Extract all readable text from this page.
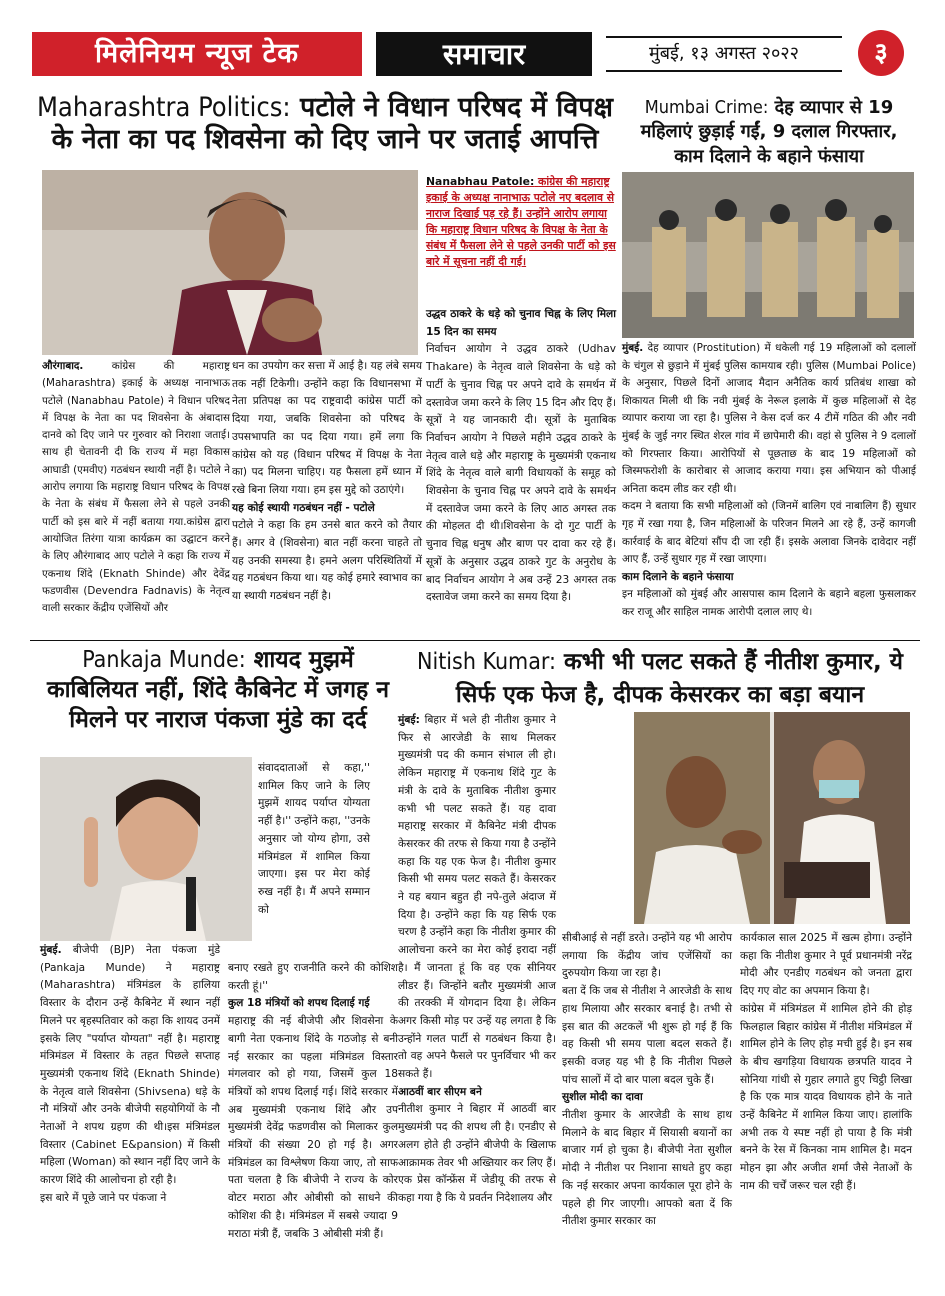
मिलेनियम न्यूज टेक	समाचार	मुंबई, १३ अगस्त २०२२	३
Maharashtra Politics: पटोले ने विधान परिषद में विपक्ष के नेता का पद शिवसेना को दिए जाने पर जताई आपत्ति
Nanabhau Patole: कांग्रेस की महाराष्ट्र इकाई के अध्यक्ष नानाभाऊ पटोले नए बदलाव से नाराज दिखाई पड़ रहे हैं। उन्होंने आरोप लगाया कि महाराष्ट्र विधान परिषद के विपक्ष के नेता के संबंध में फैसला लेने से पहले उनकी पार्टी को इस बारे में सूचना नहीं दी गई।
औरंगाबाद.	कांग्रेस की महाराष्ट्र (Maharashtra) इकाई के अध्यक्ष नानाभाऊ पटोले (Nanabhau Patole) ने विधान परिषद में विपक्ष के नेता का पद शिवसेना के अंबादास दानवे को दिए जाने पर गुरुवार को निराशा जताई। साथ ही चेतावनी दी कि राज्य में महा विकास आघाडी (एमवीए) गठबंधन स्थायी नहीं है। पटोले ने आरोप लगाया कि महाराष्ट्र विधान परिषद के विपक्ष के नेता के संबंध में फैसला लेने से पहले उनकी पार्टी को इस बारे में नहीं बताया गया.कांग्रेस द्वारा आयोजित तिरंगा यात्रा कार्यक्रम का उद्घाटन करने के लिए औरंगाबाद आए पटोले ने कहा कि राज्य में एकनाथ शिंदे (Eknath Shinde) और देवेंद्र फडणवीस (Devendra Fadnavis) के नेतृत्व वाली सरकार केंद्रीय एजेंसियों और

धन का उपयोग कर सत्ता में आई है। यह लंबे समय तक नहीं टिकेगी। उन्होंने कहा कि विधानसभा में नेता प्रतिपक्ष का पद राष्ट्रवादी कांग्रेस पार्टी को दिया गया, जबकि शिवसेना को परिषद के उपसभापति का पद दिया गया। हमें लगा कि कांग्रेस को यह (विधान परिषद में विपक्ष के नेता का) पद मिलना चाहिए। यह फैसला हमें ध्यान में रखे बिना लिया गया। हम इस मुद्दे को उठाएंगे।

यह कोई स्थायी गठबंधन नहीं - पटोले

पटोले ने कहा कि हम उनसे बात करने को तैयार हैं। अगर वे (शिवसेना) बात नहीं करना चाहते तो यह उनकी समस्या है। हमने अलग परिस्थितियों में यह गठबंधन किया था। यह कोई हमारे स्वाभाव का या स्थायी गठबंधन नहीं है।

उद्धव ठाकरे के धड़े को चुनाव चिह्न के लिए मिला 15 दिन का समय

निर्वाचन आयोग ने उद्धव ठाकरे (Udhav Thakare) के नेतृत्व वाले शिवसेना के धड़े को पार्टी के चुनाव चिह्न पर अपने दावे के समर्थन में दस्तावेज जमा करने के लिए 15 दिन और दिए हैं। सूत्रों ने यह जानकारी दी। सूत्रों के मुताबिक निर्वाचन आयोग ने पिछले महीने उद्धव ठाकरे के नेतृत्व वाले धड़े और महाराष्ट्र के मुख्यमंत्री एकनाथ शिंदे के नेतृत्व वाले बागी विधायकों के समूह को शिवसेना के चुनाव चिह्न पर अपने दावे के समर्थन में दस्तावेज जमा करने के लिए आठ अगस्त तक की मोहलत दी थी।शिवसेना के दो गुट पार्टी के चुनाव चिह्न धनुष और बाण पर दावा कर रहे हैं। सूत्रों के अनुसार उद्धव ठाकरे गुट के अनुरोध के बाद निर्वाचन आयोग ने अब उन्हें 23 अगस्त तक दस्तावेज जमा करने का समय दिया है।

Mumbai Crime: देह व्यापार से 19 महिलाएं छुड़ाई गईं, 9 दलाल गिरफ्तार, काम दिलाने के बहाने फंसाया

मुंबई. देह व्यापार (Prostitution) में धकेली गई 19 महिलाओं को दलालों के चंगुल से छुड़ाने में मुंबई पुलिस कामयाब रही। पुलिस (Mumbai Police) के अनुसार, पिछले दिनों आजाद मैदान अनैतिक कार्य प्रतिबंध शाखा को शिकायत मिली थी कि नवी मुंबई के नेरूल इलाके में कुछ महिलाओं से देह व्यापार कराया जा रहा है। पुलिस ने केस दर्ज कर 4 टीमें गठित की और नवी मुंबई के जुई नगर स्थित शेरल गांव में छापेमारी की। वहां से पुलिस ने 9 दलालों को गिरफ्तार किया। आरोपियों से पूछताछ के बाद 19 महिलाओं को जिस्मफरोशी के कारोबार से आजाद कराया गया। इस अभियान को पीआई अनिता कदम लीड कर रही थी।

कदम ने बताया कि सभी महिलाओं को (जिनमें बालिग एवं नाबालिग हैं) सुधार गृह में रखा गया है, जिन महिलाओं के परिजन मिलने आ रहे हैं, उन्हें कागजी कार्रवाई के बाद बेटियां सौंप दी जा रही हैं। इसके अलावा जिनके दावेदार नहीं आए हैं, उन्हें सुधार गृह में रखा जाएगा।

काम दिलाने के बहाने फंसाया

इन महिलाओं को मुंबई और आसपास काम दिलाने के बहाने बहला फुसलाकर कर राजू और साहिल नामक आरोपी दलाल लाए थे।

Pankaja Munde: शायद मुझमें काबिलियत नहीं, शिंदे कैबिनेट में जगह न मिलने पर नाराज पंकजा मुंडे का दर्द
संवाददाताओं से कहा,'' शामिल किए जाने के लिए मुझमें शायद पर्याप्त योग्यता नहीं है।'' उन्होंने कहा, ''उनके अनुसार जो योग्य होगा, उसे मंत्रिमंडल में शामिल किया जाएगा। इस पर मेरा कोई रुख नहीं है। मैं अपने सम्मान को

मुंबई. बीजेपी (BJP) नेता पंकजा मुंडे (Pankaja Munde) ने महाराष्ट्र (Maharashtra) मंत्रिमंडल के हालिया विस्तार के दौरान उन्हें कैबिनेट में स्थान नहीं मिलने पर बृहस्पतिवार को कहा कि शायद उनमें इसके लिए "पर्याप्त योग्यता" नहीं है। महाराष्ट्र मंत्रिमंडल में विस्तार के तहत पिछले सप्ताह मुख्यमंत्री एकनाथ शिंदे (Eknath Shinde) के नेतृत्व वाले शिवसेना (Shivsena) धड़े के नौ मंत्रियों और उनके बीजेपी सहयोगियों के नौ नेताओं ने शपथ ग्रहण की थी।इस मंत्रिमंडल विस्तार (Cabinet E&pansion) में किसी महिला (Woman) को स्थान नहीं दिए जाने के कारण शिंदे की आलोचना हो रही है।

इस बारे में पूछे जाने पर पंकजा ने

बनाए रखते हुए राजनीति करने की कोशिश करती हूं।''

कुल 18 मंत्रियों को शपथ दिलाई गई

महाराष्ट्र की नई बीजेपी और शिवसेना के बागी नेता एकनाथ शिंदे के गठजोड़ से बनी नई सरकार का पहला मंत्रिमंडल विस्तार मंगलवार को हो गया, जिसमें कुल 18 मंत्रियों को शपथ दिलाई गई। शिंदे सरकार में अब मुख्यमंत्री एकनाथ शिंदे और उप मुख्यमंत्री देवेंद्र फडणवीस को मिलाकर कुल मंत्रियों की संख्या 20 हो गई है। अगर मंत्रिमंडल का विश्लेषण किया जाए, तो साफ पता चलता है कि बीजेपी ने राज्य के कोर वोटर मराठा और ओबीसी को साधने की कोशिश की है। मंत्रिमंडल में सबसे ज्यादा 9 मराठा मंत्री हैं, जबकि 3 ओबीसी मंत्री हैं।

Nitish Kumar: कभी भी पलट सकते हैं नीतीश कुमार, ये सिर्फ एक फेज है, दीपक केसरकर का बड़ा बयान

मुंबई: बिहार में भले ही नीतीश कुमार ने फिर से आरजेडी के साथ मिलकर मुख्यमंत्री पद की कमान संभाल ली हो। लेकिन महाराष्ट्र में एकनाथ शिंदे गुट के मंत्री के दावे के मुताबिक नीतीश कुमार कभी भी पलट सकते हैं। यह दावा महाराष्ट्र सरकार में कैबिनेट मंत्री दीपक केसरकर की तरफ से किया गया है उन्होंने कहा कि यह एक फेज है। नीतीश कुमार किसी भी समय पलट सकते हैं। केसरकर ने यह बयान बहुत ही नपे-तुले अंदाज में दिया है। उन्होंने कहा कि यह सिर्फ एक चरण है उन्होंने कहा कि नीतीश कुमार की आलोचना करने का मेरा कोई इरादा नहीं है। मैं जानता हूं कि वह एक सीनियर लीडर हैं। जिन्होंने बतौर मुख्यमंत्री आज की तरक्की में योगदान दिया है। लेकिन अगर किसी मोड़ पर उन्हें यह लगता है कि उन्होंने गलत पार्टी से गठबंधन किया है। तो वह अपने फैसले पर पुनर्विचार भी कर सकते हैं।

आठवीं बार सीएम बने

नीतीश कुमार ने बिहार में आठवीं बार मुख्यमंत्री पद की शपथ ली है। एनडीए से अलग होते ही उन्होंने बीजेपी के खिलाफ आक्रामक तेवर भी अख्तियार कर लिए हैं। एक प्रेस कॉन्फ्रेंस में जेडीयू की तरफ से कहा गया है कि ये प्रवर्तन निदेशालय और

सीबीआई से नहीं डरते। उन्होंने यह भी आरोप लगाया कि केंद्रीय जांच एजेंसियों का दुरुपयोग किया जा रहा है।

बता दें कि जब से नीतीश ने आरजेडी के साथ हाथ मिलाया और सरकार बनाई है। तभी से इस बात की अटकलें भी शुरू हो गई हैं कि वह किसी भी समय पाला बदल सकते हैं। इसकी वजह यह भी है कि नीतीश पिछले पांच सालों में दो बार पाला बदल चुके हैं।

सुशील मोदी का दावा

नीतीश कुमार के आरजेडी के साथ हाथ मिलाने के बाद बिहार में सियासी बयानों का बाजार गर्म हो चुका है। बीजेपी नेता सुशील मोदी ने नीतीश पर निशाना साधते हुए कहा कि नई सरकार अपना कार्यकाल पूरा होने के पहले ही गिर जाएगी। आपको बता दें कि नीतीश कुमार सरकार का

कार्यकाल साल 2025 में खत्म होगा। उन्होंने कहा कि नीतीश कुमार ने पूर्व प्रधानमंत्री नरेंद्र मोदी और एनडीए गठबंधन को जनता द्वारा दिए गए वोट का अपमान किया है।

कांग्रेस में मंत्रिमंडल में शामिल होने की होड़ फिलहाल बिहार कांग्रेस में नीतीश मंत्रिमंडल में शामिल होने के लिए होड़ मची हुई है। इन सब के बीच खगड़िया विधायक छत्रपति यादव ने सोनिया गांधी से गुहार लगाते हुए चिट्ठी लिखा है कि एक मात्र यादव विधायक होने के नाते उन्हें कैबिनेट में शामिल किया जाए। हालांकि अभी तक ये स्पष्ट नहीं हो पाया है कि मंत्री बनने के रेस में किनका नाम शामिल है। मदन मोहन झा और अजीत शर्मा जैसे नेताओं के नाम की चर्चें जरूर चल रही हैं।
